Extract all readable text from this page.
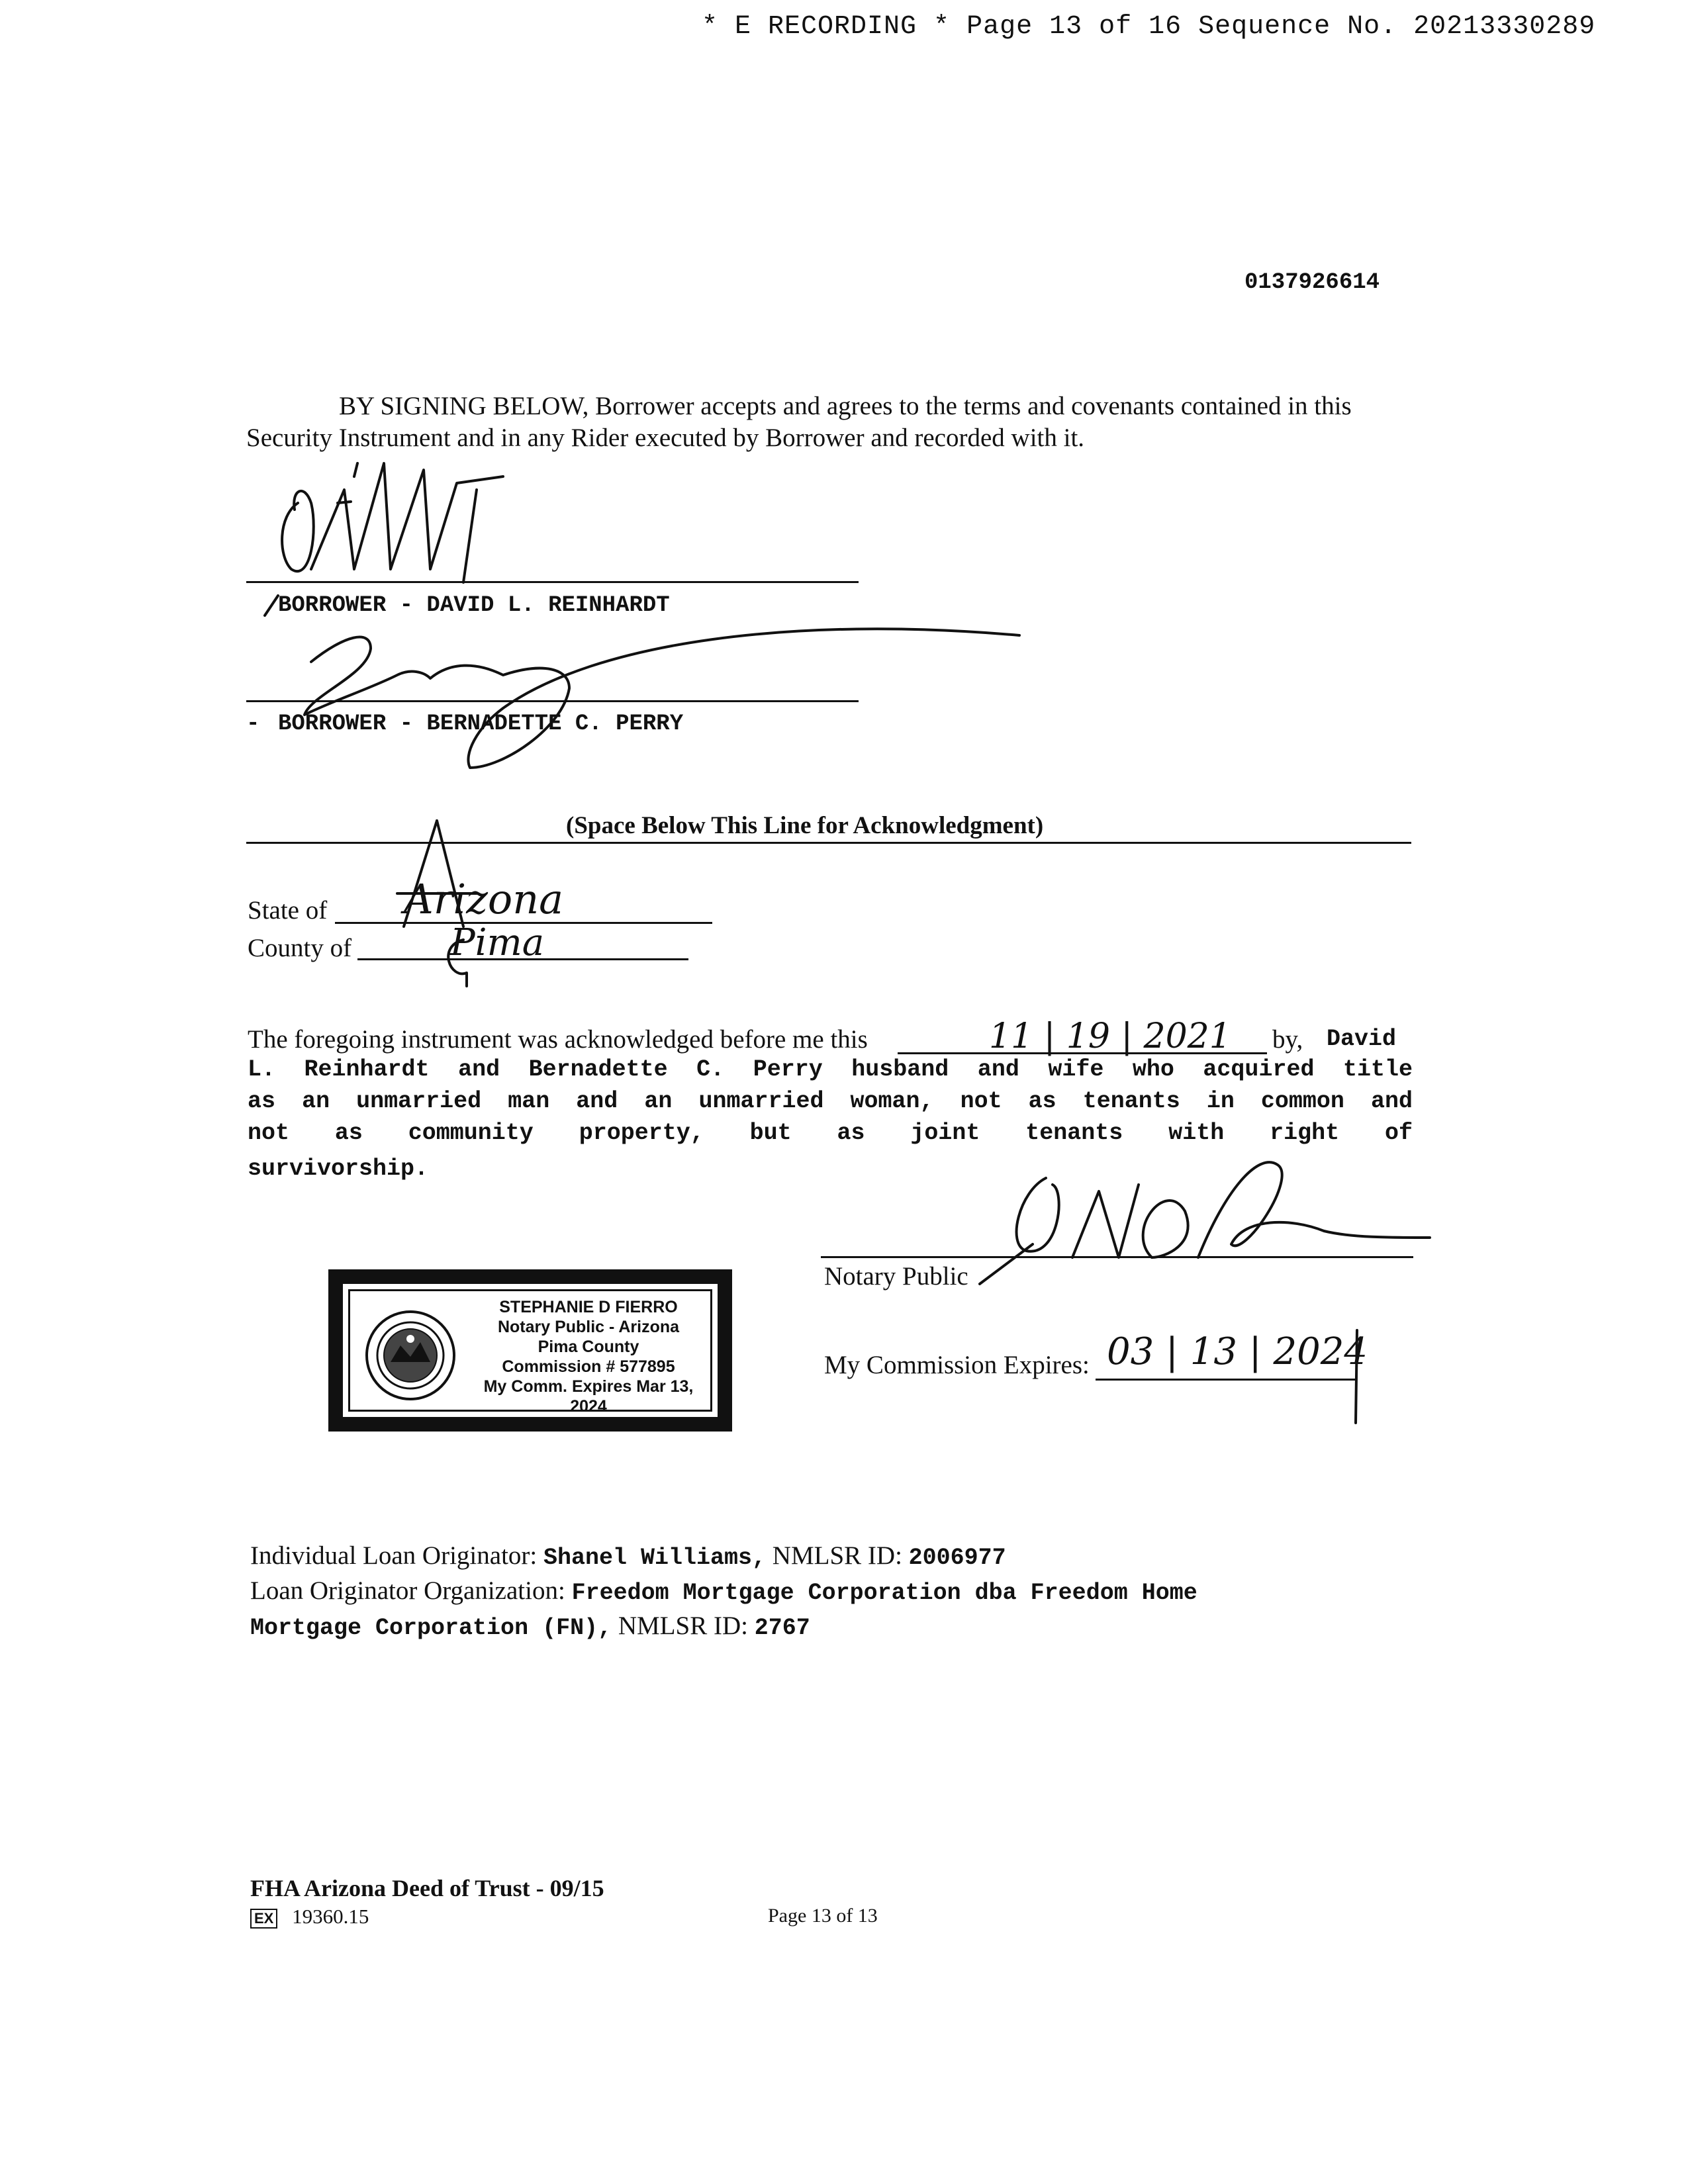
* E RECORDING * Page 13 of 16 Sequence No. 20213330289
0137926614
BY SIGNING BELOW, Borrower accepts and agrees to the terms and covenants contained in this
Security Instrument and in any Rider executed by Borrower and recorded with it.
BORROWER - DAVID L. REINHARDT
- BORROWER - BERNADETTE C. PERRY
(Space Below This Line for Acknowledgment)
State of Arizona
County of	Pima
The foregoing instrument was acknowledged before me this	11 | 19 | 2021 by, David
L. Reinhardt and Bernadette C. Perry husband and wife who acquired title
as an unmarried man and an unmarried woman, not as tenants in common and
not as community property, but as joint tenants with right of
survivorship.
STEPHANIE D FIERRO
Notary Public - Arizona
Pima County
Commission # 577895
My Comm. Expires Mar 13, 2024
Notary Public
My Commission Expires: 03 | 13 | 2024
Individual Loan Originator: Shanel Williams, NMLSR ID: 2006977
Loan Originator Organization: Freedom Mortgage Corporation dba Freedom Home
Mortgage Corporation (FN), NMLSR ID: 2767
FHA Arizona Deed of Trust - 09/15
EX 19360.15	Page 13 of 13
